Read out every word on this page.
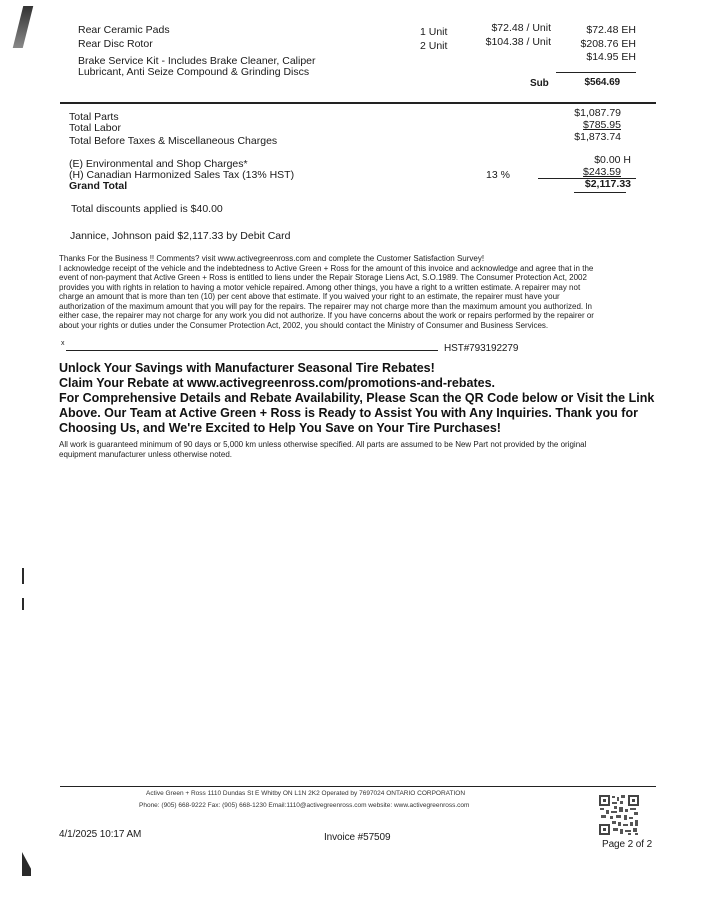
Rear Ceramic Pads	1 Unit	$72.48 / Unit	$72.48 EH
Rear Disc Rotor	2 Unit	$104.38 / Unit	$208.76 EH
Brake Service Kit - Includes Brake Cleaner, Caliper
Lubricant, Anti Seize Compound & Grinding Discs
$14.95 EH
Sub	$564.69
Total Parts	$1,087.79
Total Labor	$785.95
Total Before Taxes & Miscellaneous Charges	$1,873.74
(E) Environmental and Shop Charges*	$0.00 H
(H) Canadian Harmonized Sales Tax (13% HST)	13 %	$243.59
Grand Total	$2,117.33
Total discounts applied is $40.00
Jannice, Johnson paid $2,117.33 by Debit Card
Thanks For the Business !! Comments? visit www.activegreenross.com and complete the Customer Satisfaction Survey!
I acknowledge receipt of the vehicle and the indebtedness to Active Green + Ross for the amount of this invoice and acknowledge and agree that in the
event of non-payment that Active Green + Ross is entitled to liens under the Repair Storage Liens Act, S.O.1989. The Consumer Protection Act, 2002
provides you with rights in relation to having a motor vehicle repaired. Among other things, you have a right to a written estimate. A repairer may not
charge an amount that is more than ten (10) per cent above that estimate. If you waived your right to an estimate, the repairer must have your
authorization of the maximum amount that you will pay for the repairs. The repairer may not charge more than the maximum amount you authorized. In
either case, the repairer may not charge for any work you did not authorize. If you have concerns about the work or repairs performed by the repairer or
about your rights or duties under the Consumer Protection Act, 2002, you should contact the Ministry of Consumer and Business Services.
x	HST#793192279
Unlock Your Savings with Manufacturer Seasonal Tire Rebates!
Claim Your Rebate at www.activegreenross.com/promotions-and-rebates.
For Comprehensive Details and Rebate Availability, Please Scan the QR Code below or Visit the Link
Above. Our Team at Active Green + Ross is Ready to Assist You with Any Inquiries. Thank you for
Choosing Us, and We're Excited to Help You Save on Your Tire Purchases!
All work is guaranteed minimum of 90 days or 5,000 km unless otherwise specified. All parts are assumed to be New Part not provided by the original
equipment manufacturer unless otherwise noted.
Active Green + Ross 1110 Dundas St E Whitby ON L1N 2K2 Operated by 7697024 ONTARIO CORPORATION
Phone: (905) 668-9222 Fax: (905) 668-1230 Email:1110@activegreenross.com website: www.activegreenross.com
4/1/2025 10:17 AM	Invoice #57509
Page 2 of 2
